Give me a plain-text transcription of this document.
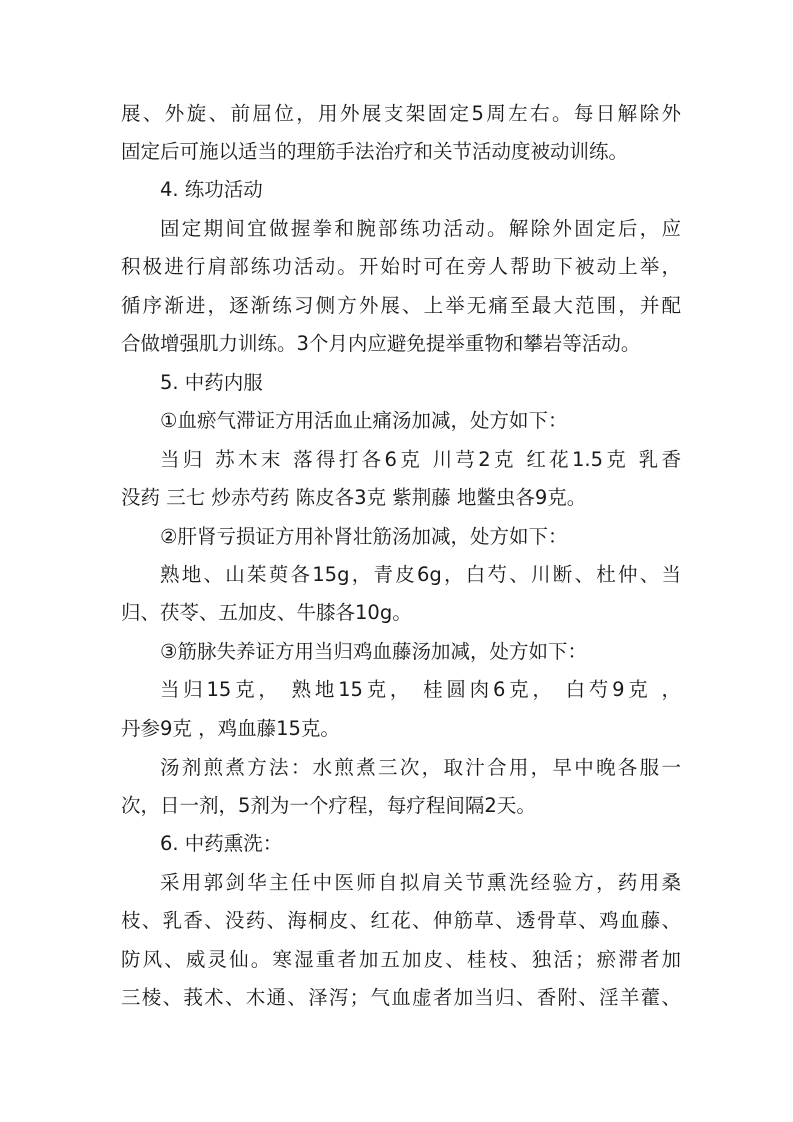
展、外旋、前屈位，用外展支架固定5周左右。每日解除外

固定后可施以适当的理筋手法治疗和关节活动度被动训练。

4. 练功活动

固定期间宜做握拳和腕部练功活动。解除外固定后，应

积极进行肩部练功活动。开始时可在旁人帮助下被动上举，

循序渐进，逐渐练习侧方外展、上举无痛至最大范围，并配

合做增强肌力训练。3个月内应避免提举重物和攀岩等活动。

5. 中药内服

①血瘀气滞证方用活血止痛汤加减，处方如下：

当归 苏木末 落得打各6克 川芎2克 红花1.5克 乳香

没药 三七 炒赤芍药 陈皮各3克 紫荆藤 地鳖虫各9克。

②肝肾亏损证方用补肾壮筋汤加减，处方如下：

熟地、山茱萸各15g，青皮6g，白芍、川断、杜仲、当

归、茯苓、五加皮、牛膝各10g。

③筋脉失养证方用当归鸡血藤汤加减，处方如下：

当归15克， 熟地15克， 桂圆肉6克， 白芍9克 ，

丹参9克 ，鸡血藤15克。

汤剂煎煮方法：水煎煮三次，取汁合用，早中晚各服一

次，日一剂，5剂为一个疗程，每疗程间隔2天。

6. 中药熏洗：

采用郭剑华主任中医师自拟肩关节熏洗经验方，药用桑

枝、乳香、没药、海桐皮、红花、伸筋草、透骨草、鸡血藤、

防风、威灵仙。寒湿重者加五加皮、桂枝、独活；瘀滞者加

三棱、莪术、木通、泽泻；气血虚者加当归、香附、淫羊藿、
